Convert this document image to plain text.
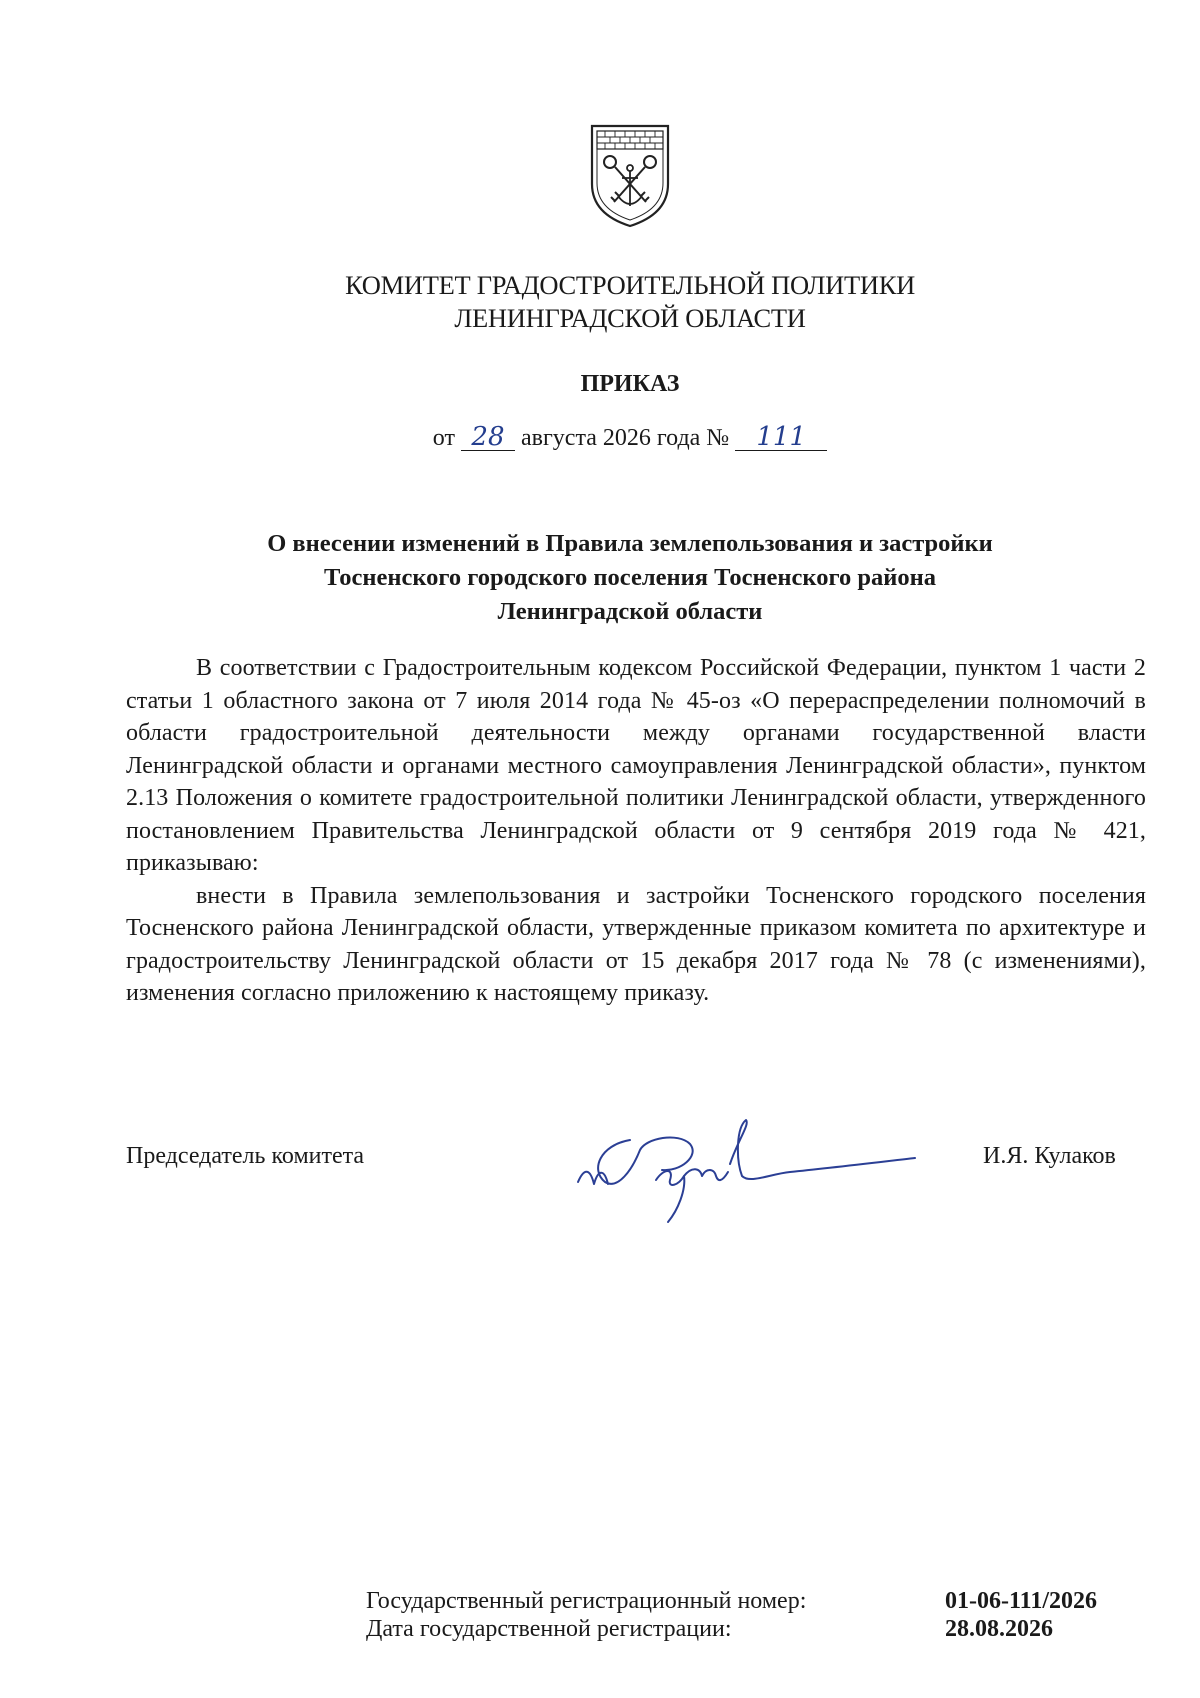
КОМИТЕТ ГРАДОСТРОИТЕЛЬНОЙ ПОЛИТИКИ
ЛЕНИНГРАДСКОЙ ОБЛАСТИ
ПРИКАЗ
от 28 августа 2026 года № 111
О внесении изменений в Правила землепользования и застройки
Тосненского городского поселения Тосненского района
Ленинградской области

В соответствии с Градостроительным кодексом Российской Федерации, пунктом 1 части 2 статьи 1 областного закона от 7 июля 2014 года № 45-оз «О перераспределении полномочий в области градостроительной деятельности между органами государственной власти Ленинградской области и органами местного самоуправления Ленинградской области», пунктом 2.13 Положения о комитете градостроительной политики Ленинградской области, утвержденного постановлением Правительства Ленинградской области от 9 сентября 2019 года № 421, приказываю:

внести в Правила землепользования и застройки Тосненского городского поселения Тосненского района Ленинградской области, утвержденные приказом комитета по архитектуре и градостроительству Ленинградской области от 15 декабря 2017 года № 78 (с изменениями), изменения согласно приложению к настоящему приказу.

Председатель комитета	И.Я. Кулаков
Государственный регистрационный номер:	01-06-111/2026
Дата государственной регистрации:	28.08.2026
